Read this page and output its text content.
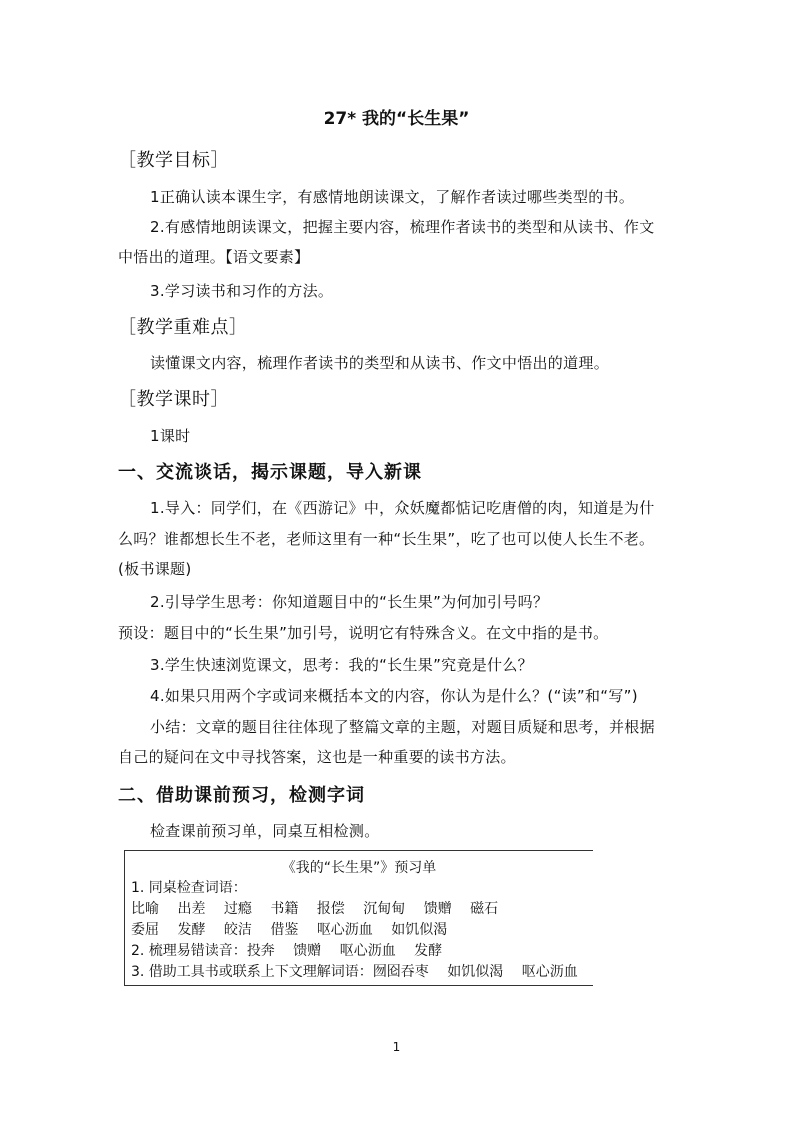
27* 我的“长生果”
［教学目标］
1正确认读本课生字，有感情地朗读课文，了解作者读过哪些类型的书。
2.有感情地朗读课文，把握主要内容，梳理作者读书的类型和从读书、作文
中悟出的道理。【语文要素】
3.学习读书和习作的方法。
［教学重难点］
读懂课文内容，梳理作者读书的类型和从读书、作文中悟出的道理。
［教学课时］
1课时
一、交流谈话，揭示课题，导入新课
1.导入：同学们，在《西游记》中，众妖魔都惦记吃唐僧的肉，知道是为什
么吗？谁都想长生不老，老师这里有一种“长生果”，吃了也可以使人长生不老。
(板书课题)
2.引导学生思考：你知道题目中的“长生果”为何加引号吗？
预设：题目中的“长生果”加引号，说明它有特殊含义。在文中指的是书。
3.学生快速浏览课文，思考：我的“长生果”究竟是什么？
4.如果只用两个字或词来概括本文的内容，你认为是什么？(“读”和“写”)
小结：文章的题目往往体现了整篇文章的主题，对题目质疑和思考，并根据
自己的疑问在文中寻找答案，这也是一种重要的读书方法。
二、借助课前预习，检测字词
检查课前预习单，同桌互相检测。
《我的“长生果”》预习单
1. 同桌检查词语：
比喻 出差 过瘾 书籍 报偿 沉甸甸 馈赠 磁石
委屈 发酵 皎洁 借鉴 呕心沥血 如饥似渴
2. 梳理易错读音：投奔 馈赠 呕心沥血 发酵
3. 借助工具书或联系上下文理解词语：囫囵吞枣 如饥似渴 呕心沥血
1
